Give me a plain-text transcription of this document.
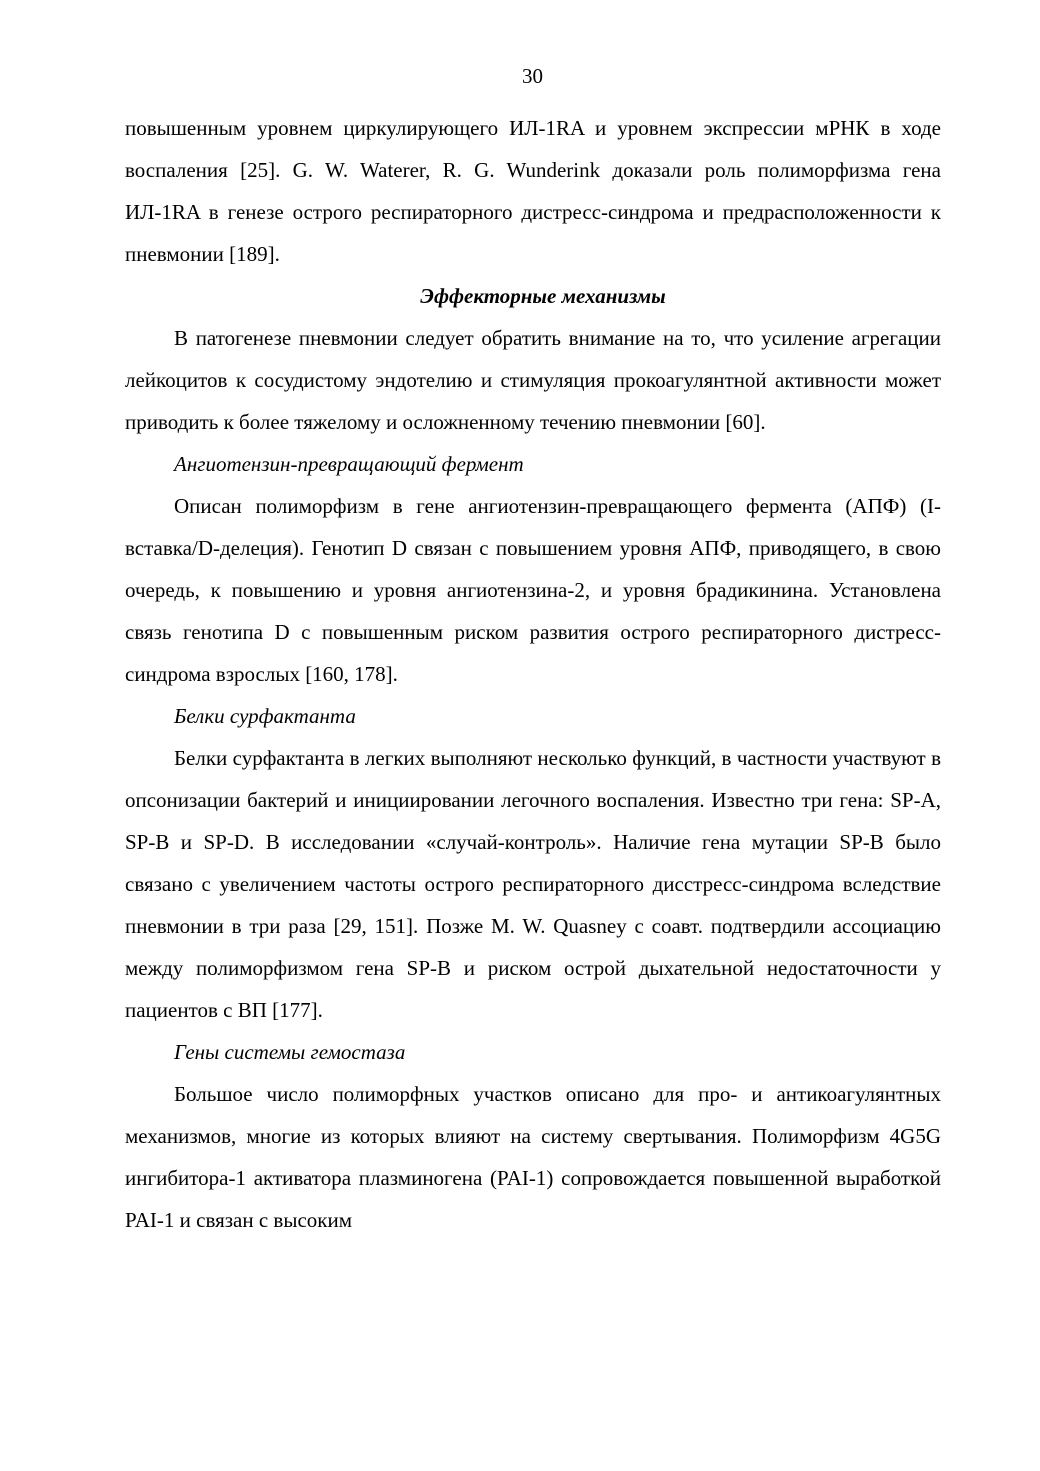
30

повышенным уровнем циркулирующего ИЛ-1RA и уровнем экспрессии мРНК в ходе воспаления [25]. G. W. Waterer, R. G. Wunderink доказали роль полиморфизма гена ИЛ-1RA в генезе острого респираторного дистресс-синдрома и предрасположенности к пневмонии [189].

Эффекторные механизмы

В патогенезе пневмонии следует обратить внимание на то, что усиление агрегации лейкоцитов к сосудистому эндотелию и стимуляция прокоагулянтной активности может приводить к более тяжелому и осложненному течению пневмонии [60].

Ангиотензин-превращающий фермент

Описан полиморфизм в гене ангиотензин-превращающего фермента (АПФ) (I-вставка/D-делеция). Генотип D связан с повышением уровня АПФ, приводящего, в свою очередь, к повышению и уровня ангиотензина-2, и уровня брадикинина. Установлена связь генотипа D с повышенным риском развития острого респираторного дистресс-синдрома взрослых [160, 178].

Белки сурфактанта

Белки сурфактанта в легких выполняют несколько функций, в частности участвуют в опсонизации бактерий и инициировании легочного воспаления. Известно три гена: SP-A, SP-B и SP-D. В исследовании «случай-контроль». Наличие гена мутации SP-B было связано с увеличением частоты острого респираторного дисстресс-синдрома вследствие пневмонии в три раза [29, 151]. Позже M. W. Quasney с соавт. подтвердили ассоциацию между полиморфизмом гена SP-B и риском острой дыхательной недостаточности у пациентов с ВП [177].

Гены системы гемостаза

Большое число полиморфных участков описано для про- и антикоагулянтных механизмов, многие из которых влияют на систему свертывания. Полиморфизм 4G5G ингибитора-1 активатора плазминогена (PAI-1) сопровождается повышенной выработкой PAI-1 и связан с высоким
